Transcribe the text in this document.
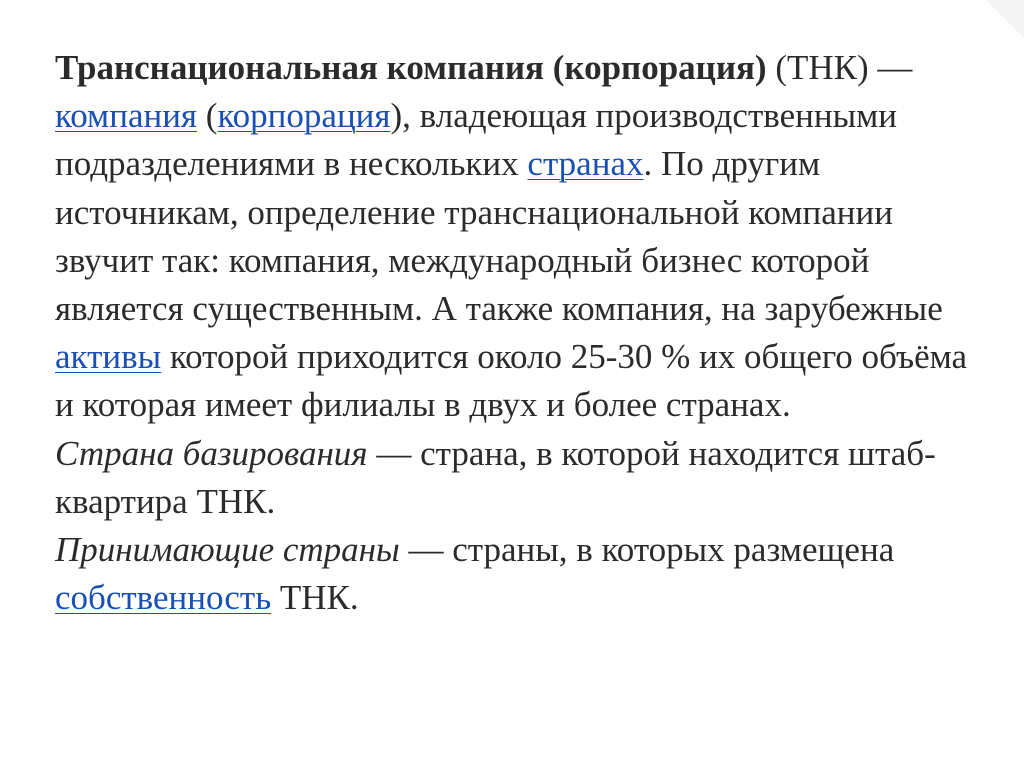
Транснациональная компания (корпорация) (ТНК) — компания (корпорация), владеющая производственными подразделениями в нескольких странах. По другим источникам, определение транснациональной компании звучит так: компания, международный бизнес которой является существенным. А также компания, на зарубежные активы которой приходится около 25-30 % их общего объёма и которая имеет филиалы в двух и более странах.

Страна базирования — страна, в которой находится штаб-квартира ТНК.

Принимающие страны — страны, в которых размещена собственность ТНК.
